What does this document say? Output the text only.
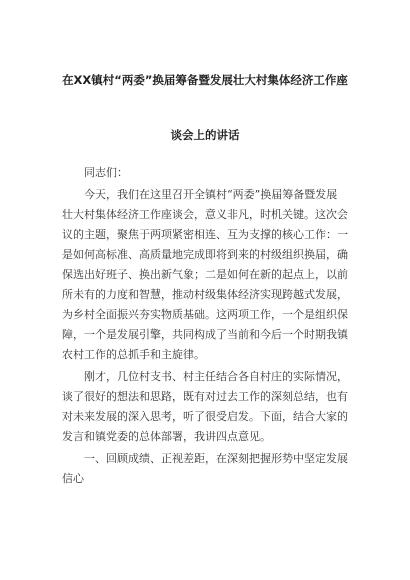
在XX镇村“两委”换届筹备暨发展壮大村集体经济工作座
谈会上的讲话
同志们：
今天，我们在这里召开全镇村“两委”换届筹备暨发展
壮大村集体经济工作座谈会，意义非凡，时机关键。这次会
议的主题，聚焦于两项紧密相连、互为支撑的核心工作：一
是如何高标准、高质量地完成即将到来的村级组织换届，确
保选出好班子、换出新气象；二是如何在新的起点上，以前
所未有的力度和智慧，推动村级集体经济实现跨越式发展，
为乡村全面振兴夯实物质基础。这两项工作，一个是组织保
障，一个是发展引擎，共同构成了当前和今后一个时期我镇
农村工作的总抓手和主旋律。
刚才，几位村支书、村主任结合各自村庄的实际情况，
谈了很好的想法和思路，既有对过去工作的深刻总结，也有
对未来发展的深入思考，听了很受启发。下面，结合大家的
发言和镇党委的总体部署，我讲四点意见。
一、回顾成绩、正视差距，在深刻把握形势中坚定发展
信心
